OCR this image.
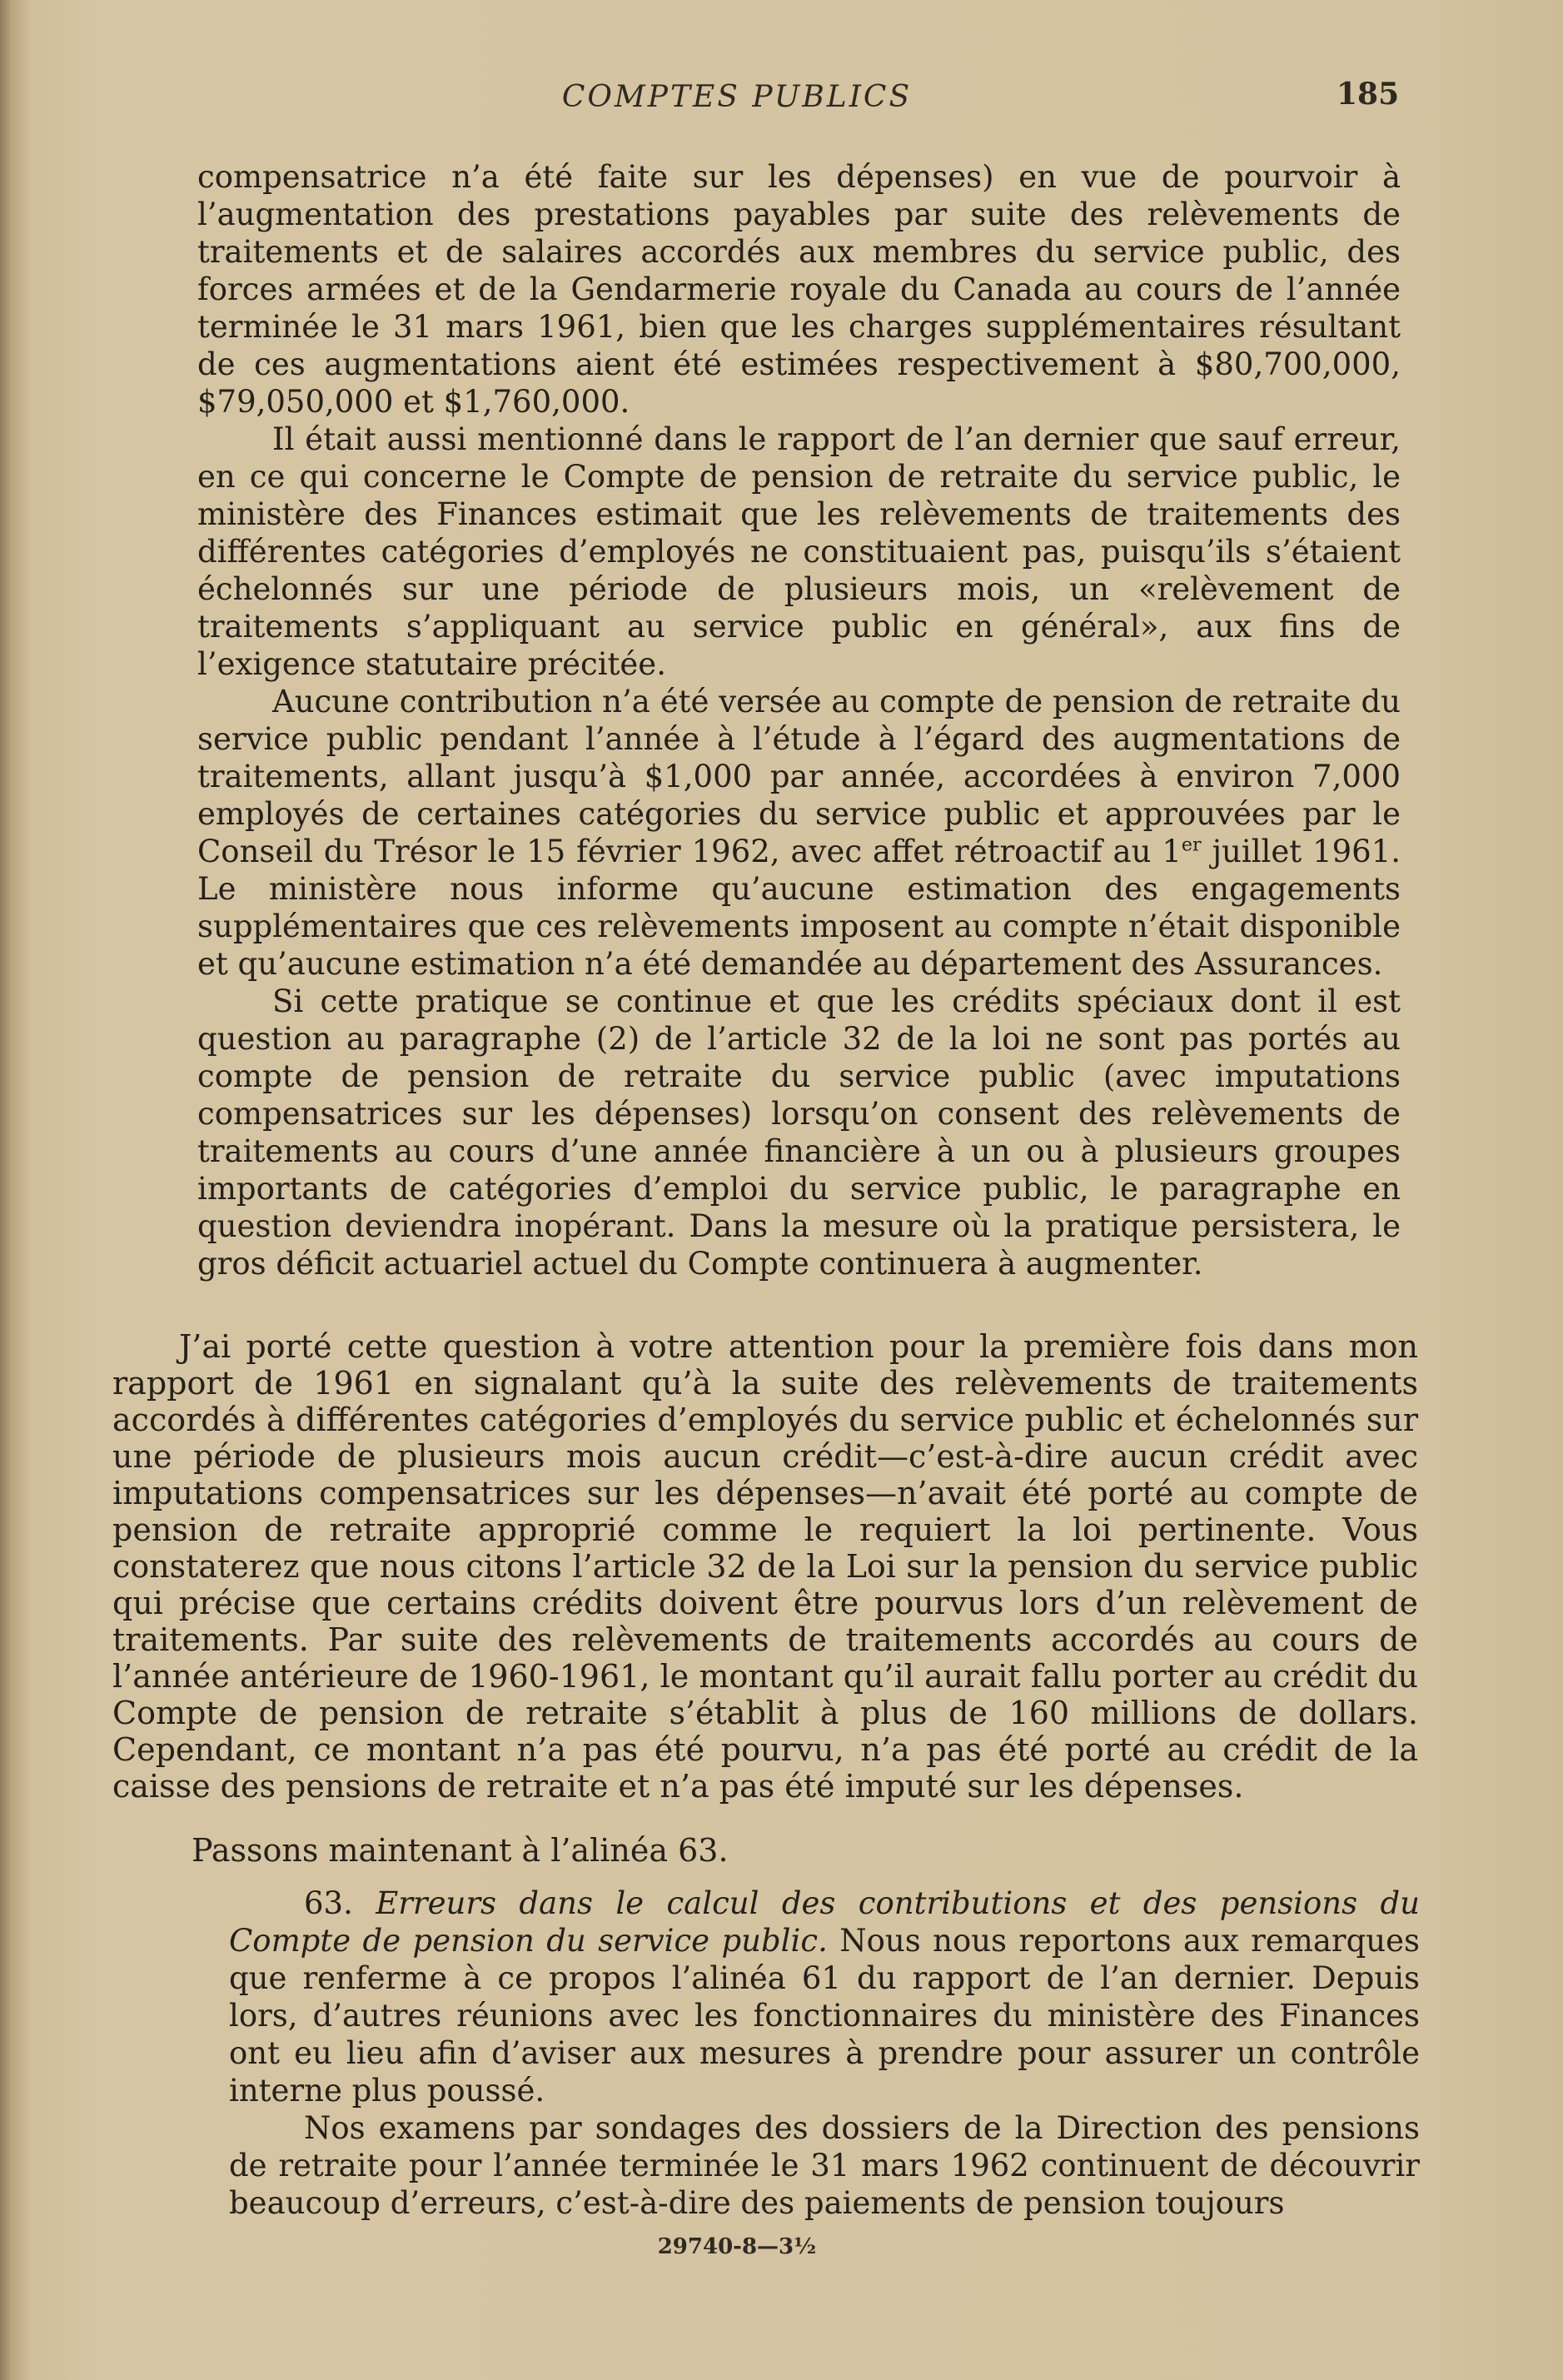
COMPTES PUBLICS	185

compensatrice n’a été faite sur les dépenses) en vue de pourvoir à l’augmentation des prestations payables par suite des relèvements de traitements et de salaires accordés aux membres du service public, des forces armées et de la Gendarmerie royale du Canada au cours de l’année terminée le 31 mars 1961, bien que les charges supplémentaires résultant de ces augmentations aient été estimées respectivement à $80,700,000, $79,050,000 et $1,760,000.

Il était aussi mentionné dans le rapport de l’an dernier que sauf erreur, en ce qui concerne le Compte de pension de retraite du service public, le ministère des Finances estimait que les relèvements de traitements des différentes catégories d’employés ne constituaient pas, puisqu’ils s’étaient échelonnés sur une période de plusieurs mois, un «relèvement de traitements s’appliquant au service public en général», aux fins de l’exigence statutaire précitée.

Aucune contribution n’a été versée au compte de pension de retraite du service public pendant l’année à l’étude à l’égard des augmentations de traitements, allant jusqu’à $1,000 par année, accordées à environ 7,000 employés de certaines catégories du service public et approuvées par le Conseil du Trésor le 15 février 1962, avec affet rétroactif au 1er juillet 1961. Le ministère nous informe qu’aucune estimation des engagements supplémentaires que ces relèvements imposent au compte n’était disponible et qu’aucune estimation n’a été demandée au département des Assurances.

Si cette pratique se continue et que les crédits spéciaux dont il est question au paragraphe (2) de l’article 32 de la loi ne sont pas portés au compte de pension de retraite du service public (avec imputations compensatrices sur les dépenses) lorsqu’on consent des relèvements de traitements au cours d’une année financière à un ou à plusieurs groupes importants de catégories d’emploi du service public, le paragraphe en question deviendra inopérant. Dans la mesure où la pratique persistera, le gros déficit actuariel actuel du Compte continuera à augmenter.

J’ai porté cette question à votre attention pour la première fois dans mon rapport de 1961 en signalant qu’à la suite des relèvements de traitements accordés à différentes catégories d’employés du service public et échelonnés sur une période de plusieurs mois aucun crédit—c’est-à-dire aucun crédit avec imputations compensatrices sur les dépenses—n’avait été porté au compte de pension de retraite approprié comme le requiert la loi pertinente. Vous constaterez que nous citons l’article 32 de la Loi sur la pension du service public qui précise que certains crédits doivent être pourvus lors d’un relèvement de traitements. Par suite des relèvements de traitements accordés au cours de l’année antérieure de 1960-1961, le montant qu’il aurait fallu porter au crédit du Compte de pension de retraite s’établit à plus de 160 millions de dollars. Cependant, ce montant n’a pas été pourvu, n’a pas été porté au crédit de la caisse des pensions de retraite et n’a pas été imputé sur les dépenses.

Passons maintenant à l’alinéa 63.

63. Erreurs dans le calcul des contributions et des pensions du Compte de pension du service public. Nous nous reportons aux remarques que renferme à ce propos l’alinéa 61 du rapport de l’an dernier. Depuis lors, d’autres réunions avec les fonctionnaires du ministère des Finances ont eu lieu afin d’aviser aux mesures à prendre pour assurer un contrôle interne plus poussé.

Nos examens par sondages des dossiers de la Direction des pensions de retraite pour l’année terminée le 31 mars 1962 continuent de découvrir beaucoup d’erreurs, c’est-à-dire des paiements de pension toujours

29740-8—3½
